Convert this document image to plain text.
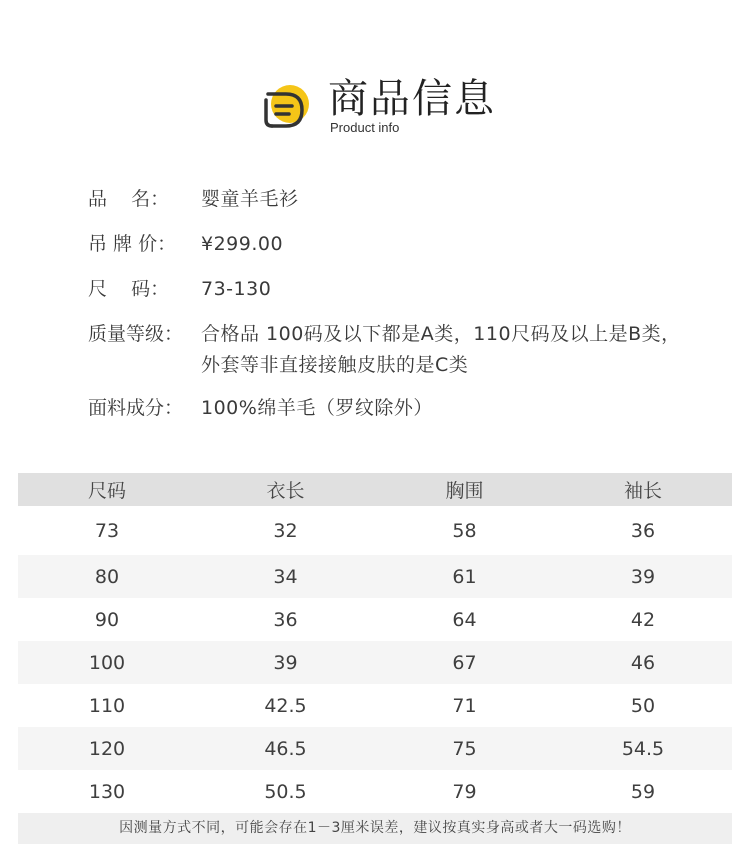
商品信息
Product info
品    名：	婴童羊毛衫
吊 牌 价：	¥299.00
尺    码：	73-130
质量等级： 合格品 100码及以下都是A类，110尺码及以上是B类，外套等非直接接触皮肤的是C类
面料成分： 100%绵羊毛（罗纹除外）
尺码	衣长	胸围	袖长
73	32	58	36
80	34	61	39
90	36	64	42
100	39	67	46
110	42.5	71	50
120	46.5	75	54.5
130	50.5	79	59
因测量方式不同，可能会存在1－3厘米误差，建议按真实身高或者大一码选购！
